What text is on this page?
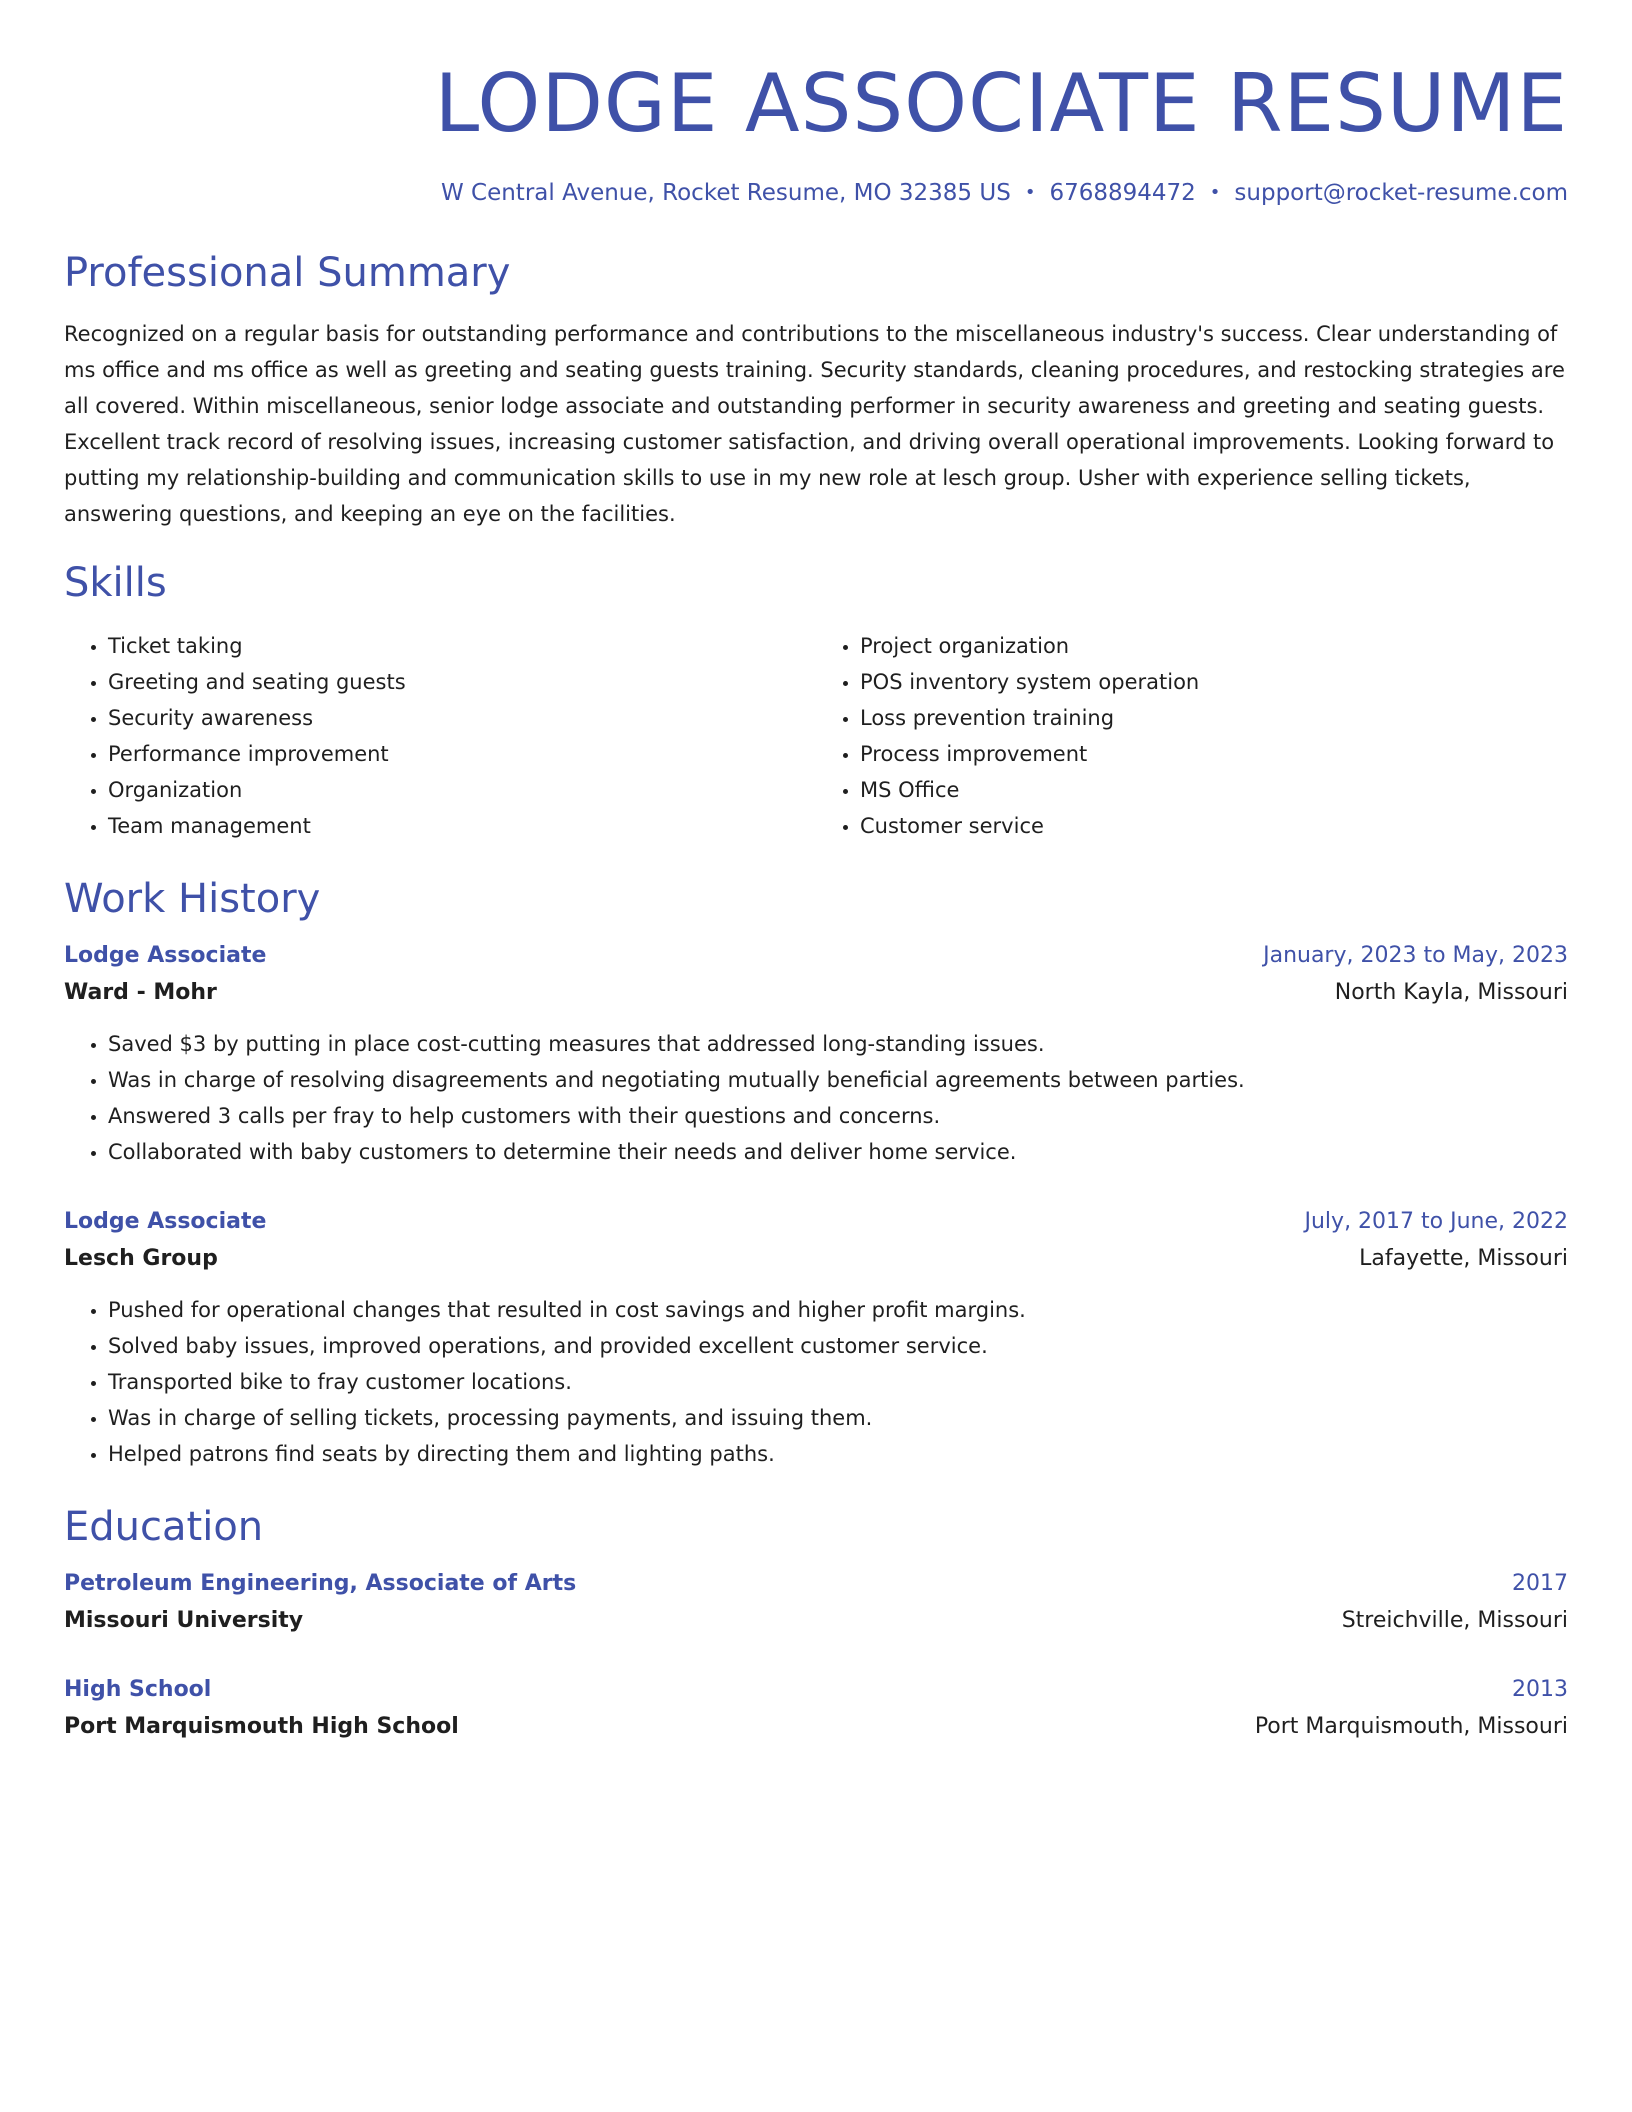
LODGE ASSOCIATE RESUME
W Central Avenue, Rocket Resume, MO 32385 US • 6768894472 • support@rocket-resume.com
Professional Summary

Recognized on a regular basis for outstanding performance and contributions to the miscellaneous industry's success. Clear understanding of ms office and ms office as well as greeting and seating guests training. Security standards, cleaning procedures, and restocking strategies are all covered. Within miscellaneous, senior lodge associate and outstanding performer in security awareness and greeting and seating guests. Excellent track record of resolving issues, increasing customer satisfaction, and driving overall operational improvements. Looking forward to putting my relationship-building and communication skills to use in my new role at lesch group. Usher with experience selling tickets, answering questions, and keeping an eye on the facilities.

Skills
• Ticket taking
• Greeting and seating guests
• Security awareness
• Performance improvement
• Organization
• Team management
• Project organization
• POS inventory system operation
• Loss prevention training
• Process improvement
• MS Office
• Customer service
Work History
Lodge Associate	January, 2023 to May, 2023
Ward - Mohr	North Kayla, Missouri
• Saved $3 by putting in place cost-cutting measures that addressed long-standing issues.
• Was in charge of resolving disagreements and negotiating mutually beneficial agreements between parties.
• Answered 3 calls per fray to help customers with their questions and concerns.
• Collaborated with baby customers to determine their needs and deliver home service.
Lodge Associate	July, 2017 to June, 2022
Lesch Group	Lafayette, Missouri
• Pushed for operational changes that resulted in cost savings and higher profit margins.
• Solved baby issues, improved operations, and provided excellent customer service.
• Transported bike to fray customer locations.
• Was in charge of selling tickets, processing payments, and issuing them.
• Helped patrons find seats by directing them and lighting paths.
Education
Petroleum Engineering, Associate of Arts	2017
Missouri University	Streichville, Missouri
High School	2013
Port Marquismouth High School	Port Marquismouth, Missouri
